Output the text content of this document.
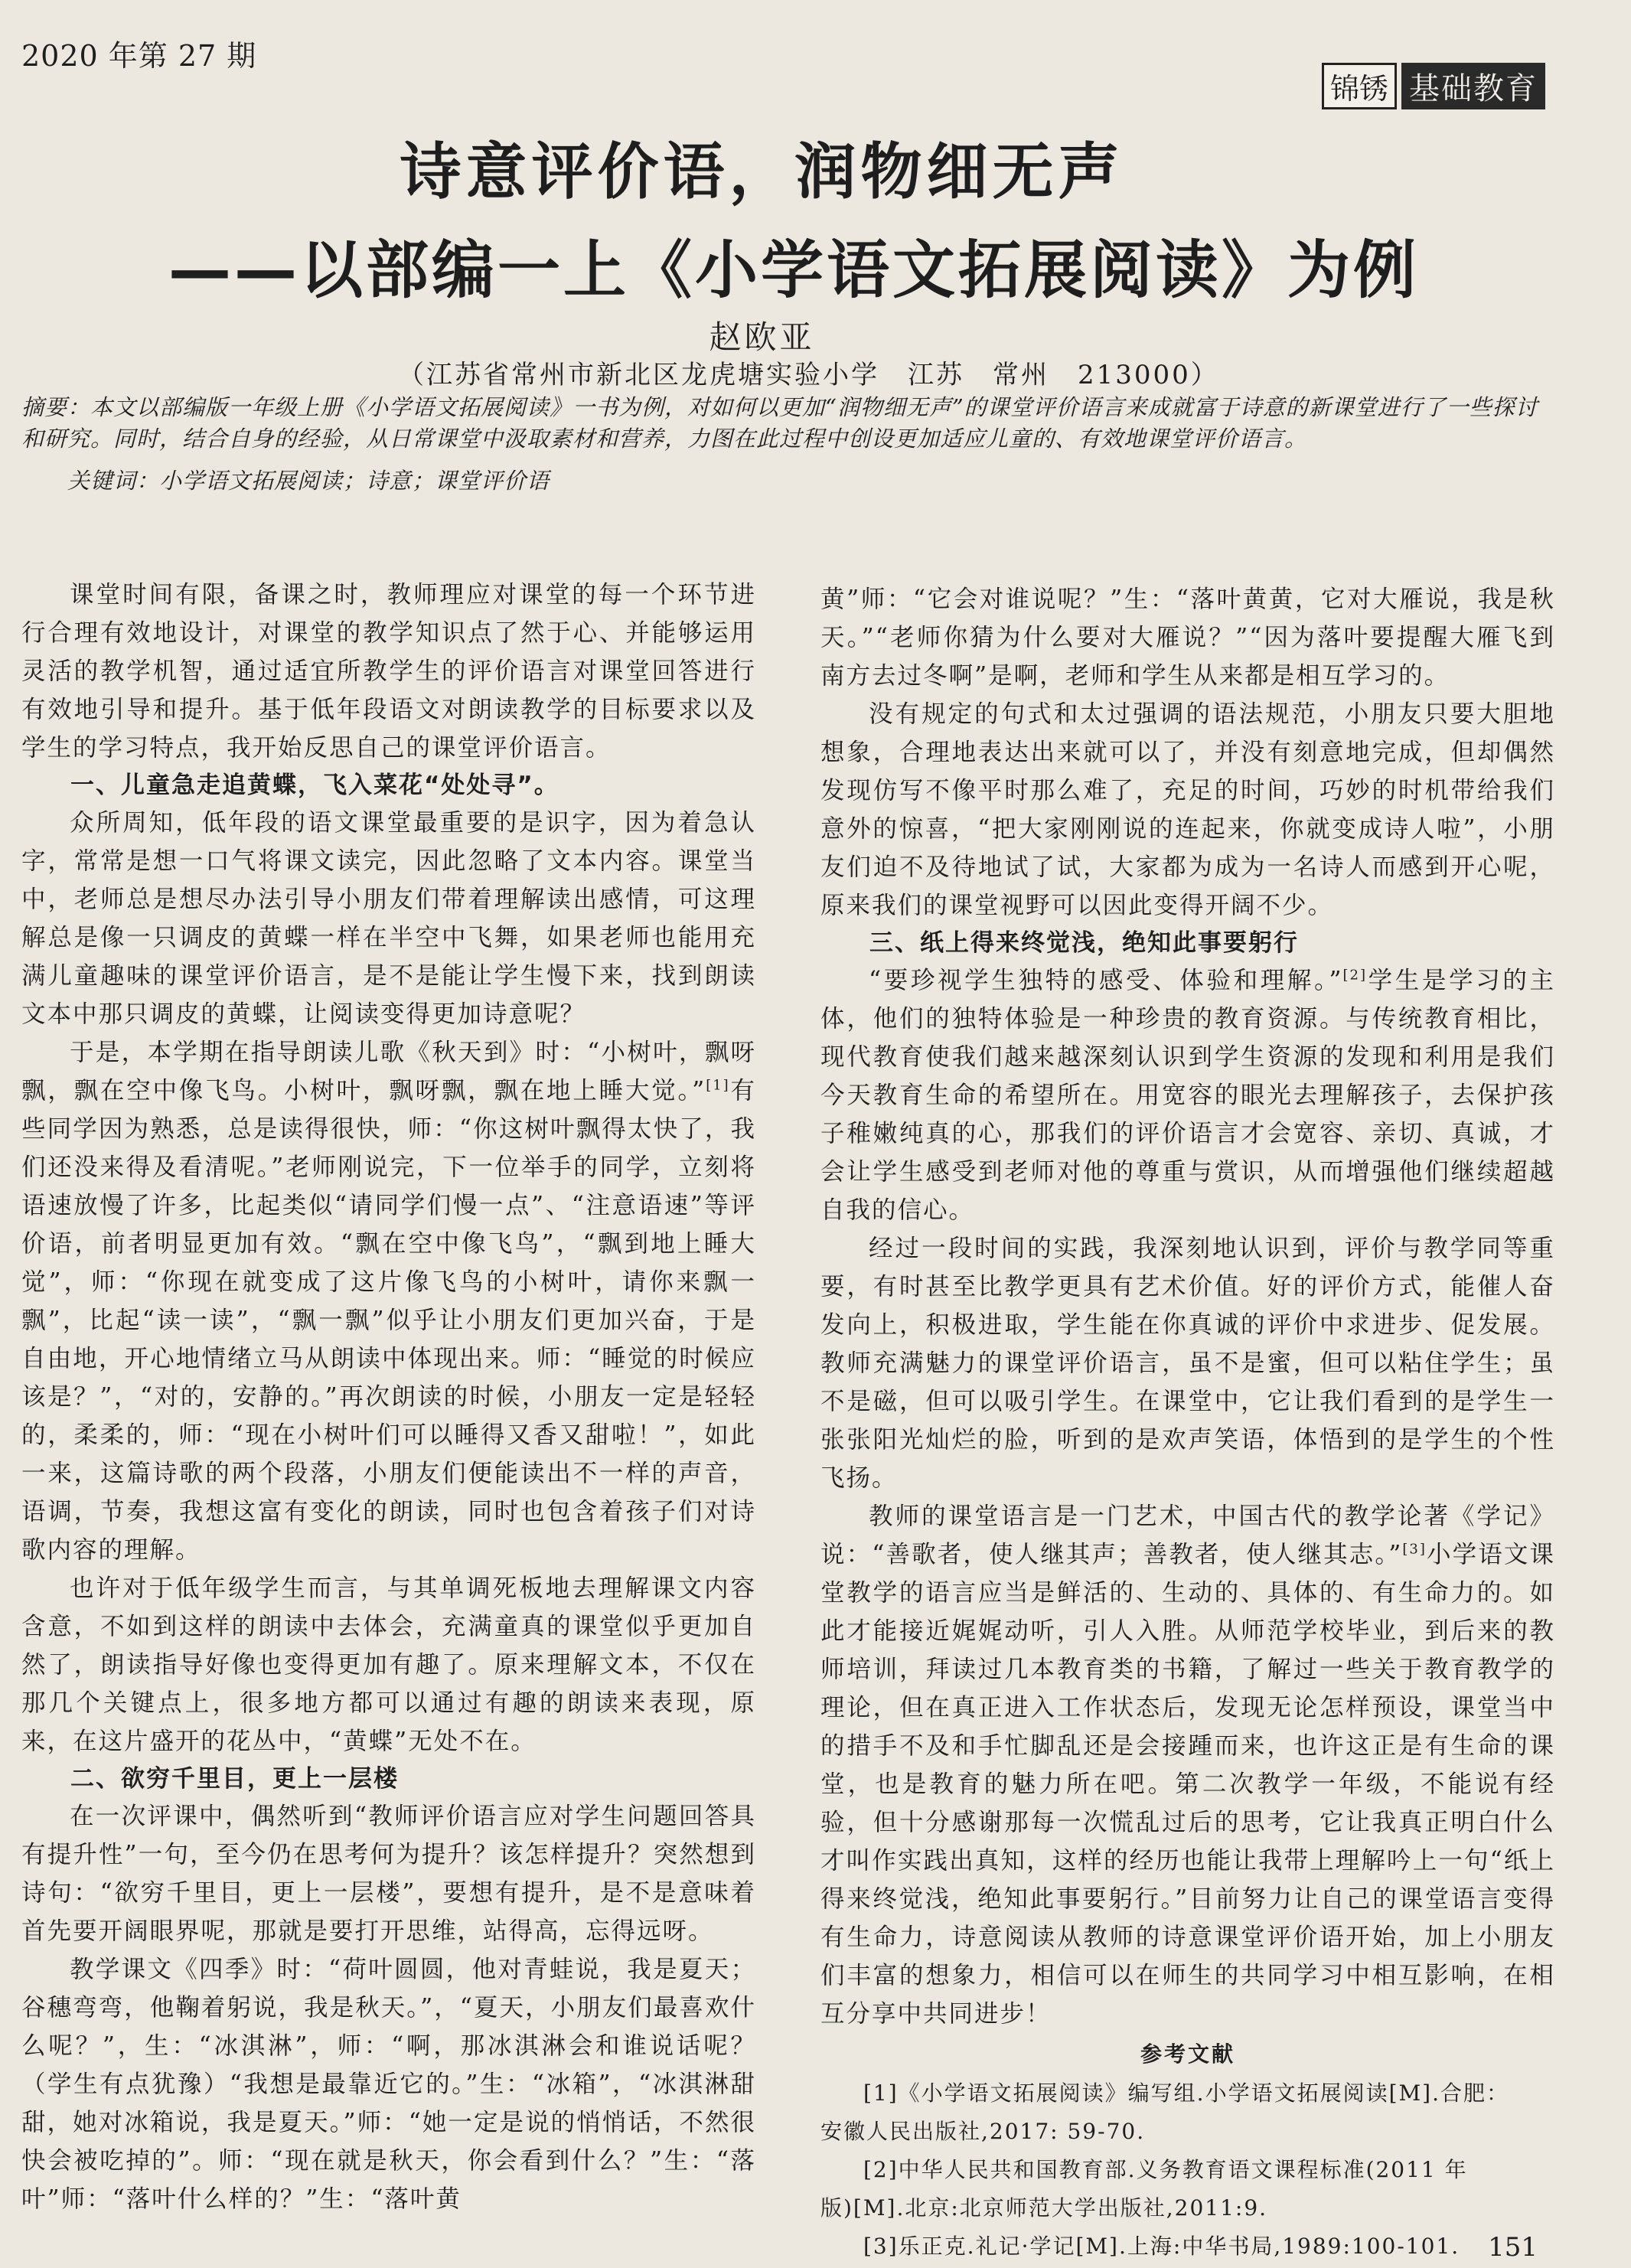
2020 年第 27 期
锦锈 基础教育
诗意评价语，润物细无声
——以部编一上《小学语文拓展阅读》为例
赵欧亚
（江苏省常州市新北区龙虎塘实验小学　江苏　常州　213000）

摘要：本文以部编版一年级上册《小学语文拓展阅读》一书为例，对如何以更加“润物细无声”的课堂评价语言来成就富于诗意的新课堂进行了一些探讨和研究。同时，结合自身的经验，从日常课堂中汲取素材和营养，力图在此过程中创设更加适应儿童的、有效地课堂评价语言。

关键词：小学语文拓展阅读；诗意；课堂评价语

课堂时间有限，备课之时，教师理应对课堂的每一个环节进行合理有效地设计，对课堂的教学知识点了然于心、并能够运用灵活的教学机智，通过适宜所教学生的评价语言对课堂回答进行有效地引导和提升。基于低年段语文对朗读教学的目标要求以及学生的学习特点，我开始反思自己的课堂评价语言。

一、儿童急走追黄蝶，飞入菜花“处处寻”。

众所周知，低年段的语文课堂最重要的是识字，因为着急认字，常常是想一口气将课文读完，因此忽略了文本内容。课堂当中，老师总是想尽办法引导小朋友们带着理解读出感情，可这理解总是像一只调皮的黄蝶一样在半空中飞舞，如果老师也能用充满儿童趣味的课堂评价语言，是不是能让学生慢下来，找到朗读文本中那只调皮的黄蝶，让阅读变得更加诗意呢？

于是，本学期在指导朗读儿歌《秋天到》时：“小树叶，飘呀飘，飘在空中像飞鸟。小树叶，飘呀飘，飘在地上睡大觉。”[1]有些同学因为熟悉，总是读得很快，师：“你这树叶飘得太快了，我们还没来得及看清呢。”老师刚说完，下一位举手的同学，立刻将语速放慢了许多，比起类似“请同学们慢一点”、“注意语速”等评价语，前者明显更加有效。“飘在空中像飞鸟”，“飘到地上睡大觉”，师：“你现在就变成了这片像飞鸟的小树叶，请你来飘一飘”，比起“读一读”，“飘一飘”似乎让小朋友们更加兴奋，于是自由地，开心地情绪立马从朗读中体现出来。师：“睡觉的时候应该是？”，“对的，安静的。”再次朗读的时候，小朋友一定是轻轻的，柔柔的，师：“现在小树叶们可以睡得又香又甜啦！”，如此一来，这篇诗歌的两个段落，小朋友们便能读出不一样的声音，语调，节奏，我想这富有变化的朗读，同时也包含着孩子们对诗歌内容的理解。

也许对于低年级学生而言，与其单调死板地去理解课文内容含意，不如到这样的朗读中去体会，充满童真的课堂似乎更加自然了，朗读指导好像也变得更加有趣了。原来理解文本，不仅在那几个关键点上，很多地方都可以通过有趣的朗读来表现，原来，在这片盛开的花丛中，“黄蝶”无处不在。

二、欲穷千里目，更上一层楼

在一次评课中，偶然听到“教师评价语言应对学生问题回答具有提升性”一句，至今仍在思考何为提升？该怎样提升？突然想到诗句：“欲穷千里目，更上一层楼”，要想有提升，是不是意味着首先要开阔眼界呢，那就是要打开思维，站得高，忘得远呀。

教学课文《四季》时：“荷叶圆圆，他对青蛙说，我是夏天；谷穗弯弯，他鞠着躬说，我是秋天。”，“夏天，小朋友们最喜欢什么呢？”，生：“冰淇淋”，师：“啊，那冰淇淋会和谁说话呢？（学生有点犹豫）“我想是最靠近它的。”生：“冰箱”，“冰淇淋甜甜，她对冰箱说，我是夏天。”师：“她一定是说的悄悄话，不然很快会被吃掉的”。师：“现在就是秋天，你会看到什么？”生：“落叶”师：“落叶什么样的？”生：“落叶黄

黄”师：“它会对谁说呢？”生：“落叶黄黄，它对大雁说，我是秋天。”“老师你猜为什么要对大雁说？”“因为落叶要提醒大雁飞到南方去过冬啊”是啊，老师和学生从来都是相互学习的。

没有规定的句式和太过强调的语法规范，小朋友只要大胆地想象，合理地表达出来就可以了，并没有刻意地完成，但却偶然发现仿写不像平时那么难了，充足的时间，巧妙的时机带给我们意外的惊喜，“把大家刚刚说的连起来，你就变成诗人啦”，小朋友们迫不及待地试了试，大家都为成为一名诗人而感到开心呢，原来我们的课堂视野可以因此变得开阔不少。

三、纸上得来终觉浅，绝知此事要躬行

“要珍视学生独特的感受、体验和理解。”[2]学生是学习的主体，他们的独特体验是一种珍贵的教育资源。与传统教育相比，现代教育使我们越来越深刻认识到学生资源的发现和利用是我们今天教育生命的希望所在。用宽容的眼光去理解孩子，去保护孩子稚嫩纯真的心，那我们的评价语言才会宽容、亲切、真诚，才会让学生感受到老师对他的尊重与赏识，从而增强他们继续超越自我的信心。

经过一段时间的实践，我深刻地认识到，评价与教学同等重要，有时甚至比教学更具有艺术价值。好的评价方式，能催人奋发向上，积极进取，学生能在你真诚的评价中求进步、促发展。教师充满魅力的课堂评价语言，虽不是蜜，但可以粘住学生；虽不是磁，但可以吸引学生。在课堂中，它让我们看到的是学生一张张阳光灿烂的脸，听到的是欢声笑语，体悟到的是学生的个性飞扬。

教师的课堂语言是一门艺术，中国古代的教学论著《学记》说：“善歌者，使人继其声；善教者，使人继其志。”[3]小学语文课堂教学的语言应当是鲜活的、生动的、具体的、有生命力的。如此才能接近娓娓动听，引人入胜。从师范学校毕业，到后来的教师培训，拜读过几本教育类的书籍，了解过一些关于教育教学的理论，但在真正进入工作状态后，发现无论怎样预设，课堂当中的措手不及和手忙脚乱还是会接踵而来，也许这正是有生命的课堂，也是教育的魅力所在吧。第二次教学一年级，不能说有经验，但十分感谢那每一次慌乱过后的思考，它让我真正明白什么才叫作实践出真知，这样的经历也能让我带上理解吟上一句“纸上得来终觉浅，绝知此事要躬行。”目前努力让自己的课堂语言变得有生命力，诗意阅读从教师的诗意课堂评价语开始，加上小朋友们丰富的想象力，相信可以在师生的共同学习中相互影响，在相互分享中共同进步！

参考文献

[1]《小学语文拓展阅读》编写组.小学语文拓展阅读[M].合肥：

安徽人民出版社,2017: 59-70.

[2]中华人民共和国教育部.义务教育语文课程标准(2011 年

版)[M].北京:北京师范大学出版社,2011:9.

[3]乐正克.礼记·学记[M].上海:中华书局,1989:100-101.	151
